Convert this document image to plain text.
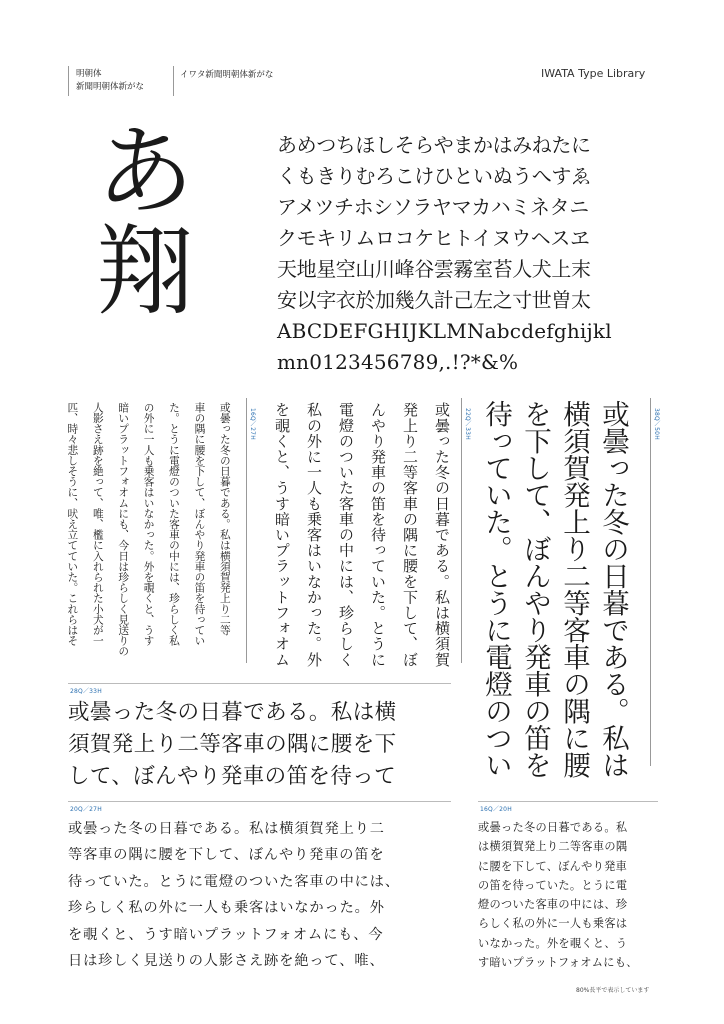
明朝体
新聞明朝体新がな
イワタ新聞明朝体新がな	IWATA Type Library
あ
翔
あめつちほしそらやまかはみねたに
くもきりむろこけひといぬうへすゑ
アメツチホシソラヤマカハミネタニ
クモキリムロコケヒトイヌウヘスヱ
天地星空山川峰谷雲霧室苔人犬上末
安以字衣於加幾久計己左之寸世曽太
ABCDEFGHIJKLMNabcdefghijkl
mn0123456789,.!?*&%
38Q／50H
或曇った冬の日暮である。私は
横須賀発上り二等客車の隅に腰
を下して、ぼんやり発車の笛を
待っていた。とうに電燈のつい
22Q／33H
或曇った冬の日暮である。私は横須賀
発上り二等客車の隅に腰を下して、ぼ
んやり発車の笛を待っていた。とうに
電燈のついた客車の中には、珍らしく
私の外に一人も乗客はいなかった。外
を覗くと、うす暗いプラットフォオム
16Q／27H
或曇った冬の日暮である。私は横須賀発上り二等
車の隅に腰を下して、ぼんやり発車の笛を待ってい
た。とうに電燈のついた客車の中には、珍らしく私
の外に一人も乗客はいなかった。外を覗くと、うす
暗いプラットフォオムにも、今日は珍らしく見送りの
人影さえ跡を絶って、唯、檻に入れられた小犬が一
匹、時々悲しそうに、吠え立てていた。これらはそ
28Q／33H
或曇った冬の日暮である。私は横
須賀発上り二等客車の隅に腰を下
して、ぼんやり発車の笛を待って
20Q／27H
或曇った冬の日暮である。私は横須賀発上り二
等客車の隅に腰を下して、ぼんやり発車の笛を
待っていた。とうに電燈のついた客車の中には、
珍らしく私の外に一人も乗客はいなかった。外
を覗くと、うす暗いプラットフォオムにも、今
日は珍しく見送りの人影さえ跡を絶って、唯、
16Q／20H
或曇った冬の日暮である。私
は横須賀発上り二等客車の隅
に腰を下して、ぼんやり発車
の笛を待っていた。とうに電
燈のついた客車の中には、珍
らしく私の外に一人も乗客は
いなかった。外を覗くと、う
す暗いプラットフォオムにも、
80%長平で表示しています
